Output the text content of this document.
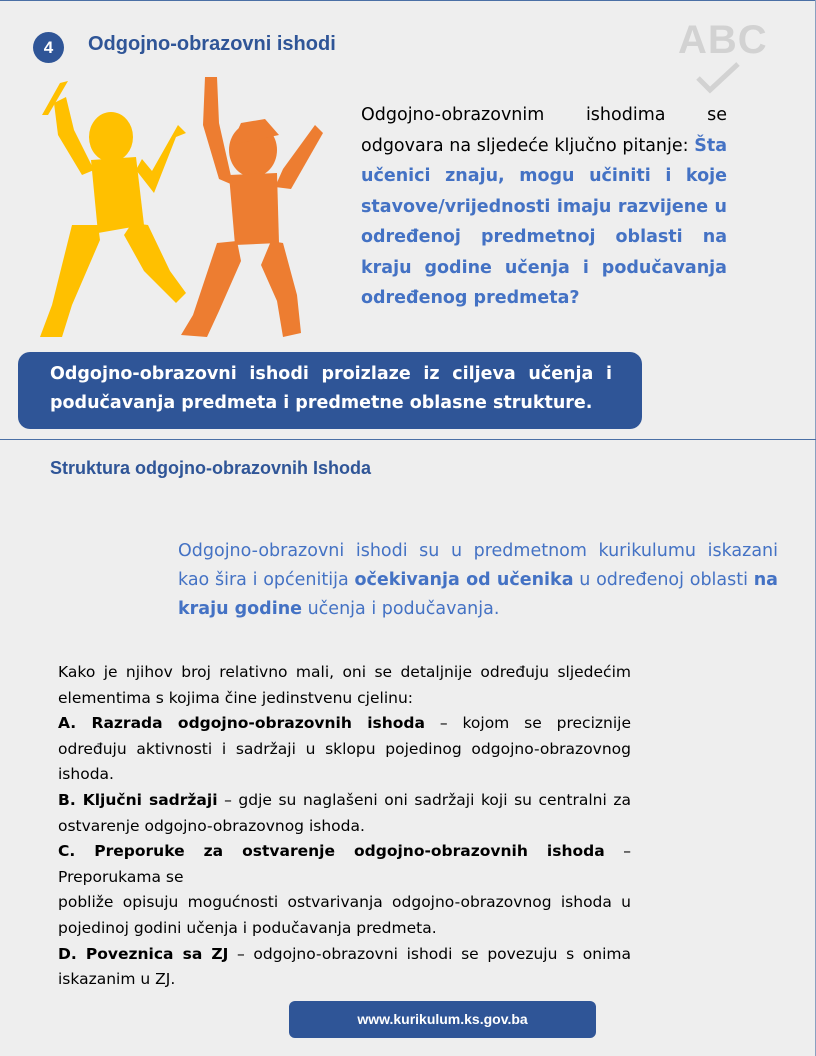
4	Odgojno-obrazovni ishodi	ABC
Odgojno-obrazovnim ishodima se odgovara na sljedeće ključno pitanje: Šta učenici znaju, mogu učiniti i koje stavove/vrijednosti imaju razvijene u određenoj predmetnoj oblasti na kraju godine učenja i podučavanja određenog predmeta?

Odgojno-obrazovni ishodi proizlaze iz ciljeva učenja i podučavanja predmeta i predmetne oblasne strukture.

Struktura odgojno-obrazovnih Ishoda
Odgojno-obrazovni ishodi su u predmetnom kurikulumu iskazani kao šira i općenitija očekivanja od učenika u određenoj oblasti na kraju godine učenja i podučavanja.

Kako je njihov broj relativno mali, oni se detaljnije određuju sljedećim elementima s kojima čine jedinstvenu cjelinu:

A. Razrada odgojno-obrazovnih ishoda – kojom se preciznije određuju aktivnosti i sadržaji u sklopu pojedinog odgojno-obrazovnog ishoda.

B. Ključni sadržaji – gdje su naglašeni oni sadržaji koji su centralni za ostvarenje odgojno-obrazovnog ishoda.

C. Preporuke za ostvarenje odgojno-obrazovnih ishoda – Preporukama se

pobliže opisuju mogućnosti ostvarivanja odgojno-obrazovnog ishoda u pojedinoj godini učenja i podučavanja predmeta.

D. Poveznica sa ZJ – odgojno-obrazovni ishodi se povezuju s onima iskazanim u ZJ.

www.kurikulum.ks.gov.ba
